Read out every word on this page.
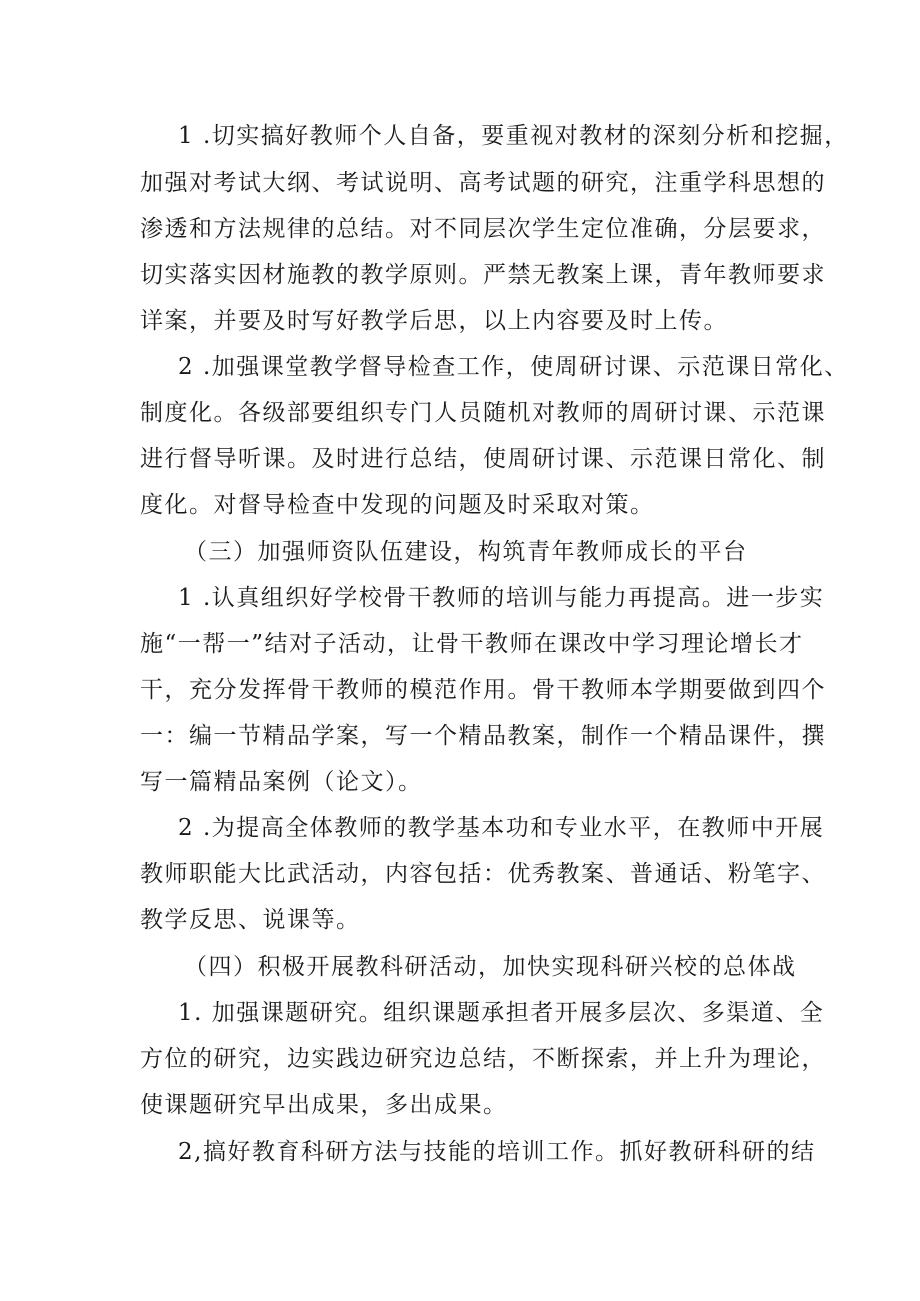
1 .切实搞好教师个人自备，要重视对教材的深刻分析和挖掘，
加强对考试大纲、考试说明、高考试题的研究，注重学科思想的
渗透和方法规律的总结。对不同层次学生定位准确，分层要求，
切实落实因材施教的教学原则。严禁无教案上课，青年教师要求
详案，并要及时写好教学后思，以上内容要及时上传。
2 .加强课堂教学督导检查工作，使周研讨课、示范课日常化、
制度化。各级部要组织专门人员随机对教师的周研讨课、示范课
进行督导听课。及时进行总结，使周研讨课、示范课日常化、制
度化。对督导检查中发现的问题及时采取对策。
（三）加强师资队伍建设，构筑青年教师成长的平台
1 .认真组织好学校骨干教师的培训与能力再提高。进一步实
施“一帮一”结对子活动，让骨干教师在课改中学习理论增长才
干，充分发挥骨干教师的模范作用。骨干教师本学期要做到四个
一：编一节精品学案，写一个精品教案，制作一个精品课件，撰
写一篇精品案例（论文）。
2 .为提高全体教师的教学基本功和专业水平，在教师中开展
教师职能大比武活动，内容包括：优秀教案、普通话、粉笔字、
教学反思、说课等。
（四）积极开展教科研活动，加快实现科研兴校的总体战
1. 加强课题研究。组织课题承担者开展多层次、多渠道、全
方位的研究，边实践边研究边总结，不断探索，并上升为理论，
使课题研究早出成果，多出成果。
2,搞好教育科研方法与技能的培训工作。抓好教研科研的结
